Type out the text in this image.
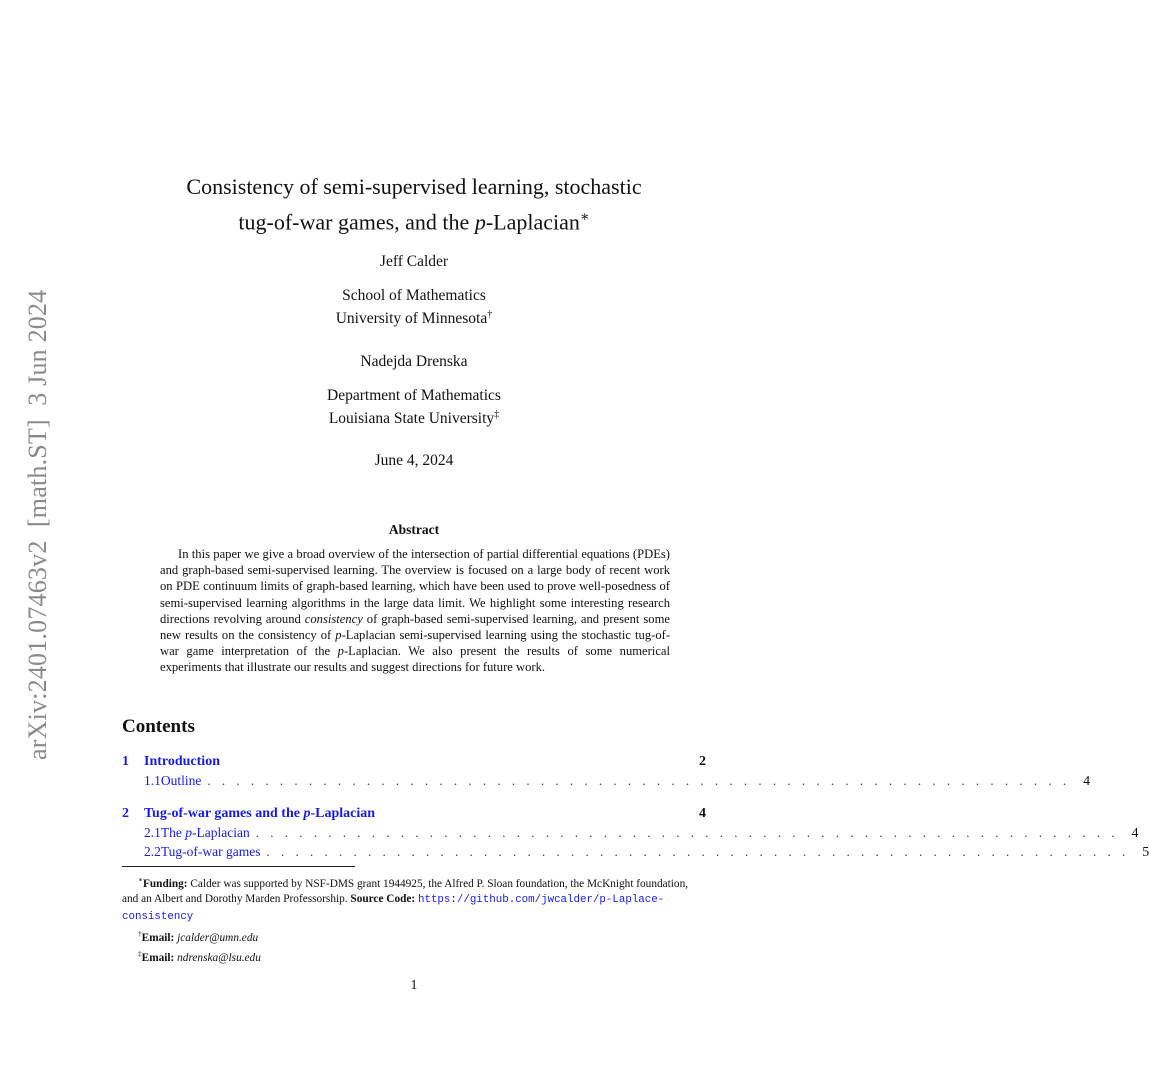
arXiv:2401.07463v2  [math.ST]  3 Jun 2024
Consistency of semi-supervised learning, stochastic
tug-of-war games, and the p-Laplacian∗
Jeff Calder
School of Mathematics
University of Minnesota†
Nadejda Drenska
Department of Mathematics
Louisiana State University‡
June 4, 2024
Abstract
In this paper we give a broad overview of the intersection of partial differential equations (PDEs) and graph-based semi-supervised learning. The overview is focused on a large body of recent work on PDE continuum limits of graph-based learning, which have been used to prove well-posedness of semi-supervised learning algorithms in the large data limit. We highlight some interesting research directions revolving around consistency of graph-based semi-supervised learning, and present some new results on the consistency of p-Laplacian semi-supervised learning using the stochastic tug-of-war game interpretation of the p-Laplacian. We also present the results of some numerical experiments that illustrate our results and suggest directions for future work.
Contents
1	Introduction	2
1.1 Outline . . . . . . . . . . . . . . . . . . . . . . . . . . . . . . . . . . . . . . . . . . . . . . . . . . . . . . . . . . . . 4
2	Tug-of-war games and the p-Laplacian	4
2.1 The p-Laplacian . . . . . . . . . . . . . . . . . . . . . . . . . . . . . . . . . . . . . . . . . . . . . . . . . . . . . . . . . . . . 4
2.2 Tug-of-war games . . . . . . . . . . . . . . . . . . . . . . . . . . . . . . . . . . . . . . . . . . . . . . . . . . . . . . . . . . . . 5
∗Funding: Calder was supported by NSF-DMS grant 1944925, the Alfred P. Sloan foundation, the McKnight foundation, and an Albert and Dorothy Marden Professorship. Source Code: https://github.com/jwcalder/p-Laplace-consistency
†Email: jcalder@umn.edu
‡Email: ndrenska@lsu.edu
1
